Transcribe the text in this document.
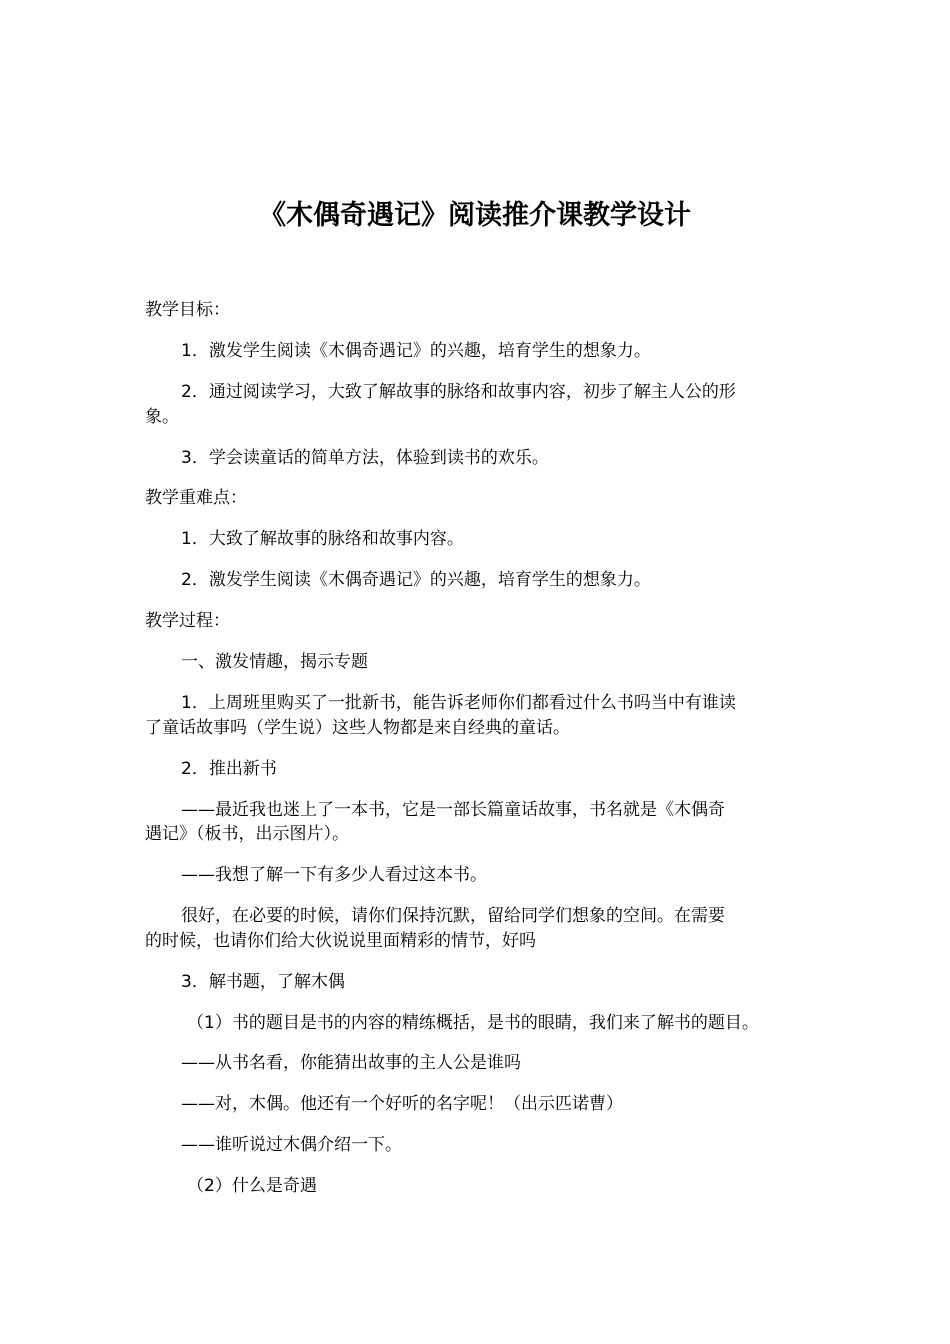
《木偶奇遇记》阅读推介课教学设计
教学目标：
1．激发学生阅读《木偶奇遇记》的兴趣，培育学生的想象力。
2．通过阅读学习，大致了解故事的脉络和故事内容，初步了解主人公的形
象。
3．学会读童话的简单方法，体验到读书的欢乐。
教学重难点：
1．大致了解故事的脉络和故事内容。
2．激发学生阅读《木偶奇遇记》的兴趣，培育学生的想象力。
教学过程：
一、激发情趣，揭示专题
1．上周班里购买了一批新书，能告诉老师你们都看过什么书吗当中有谁读
了童话故事吗（学生说）这些人物都是来自经典的童话。
2．推出新书
——最近我也迷上了一本书，它是一部长篇童话故事，书名就是《木偶奇
遇记》（板书，出示图片）。
——我想了解一下有多少人看过这本书。
很好，在必要的时候，请你们保持沉默，留给同学们想象的空间。在需要
的时候，也请你们给大伙说说里面精彩的情节，好吗
3．解书题，了解木偶
（1）书的题目是书的内容的精练概括，是书的眼睛，我们来了解书的题目。
——从书名看，你能猜出故事的主人公是谁吗
——对，木偶。他还有一个好听的名字呢！（出示匹诺曹）
——谁听说过木偶介绍一下。
（2）什么是奇遇
